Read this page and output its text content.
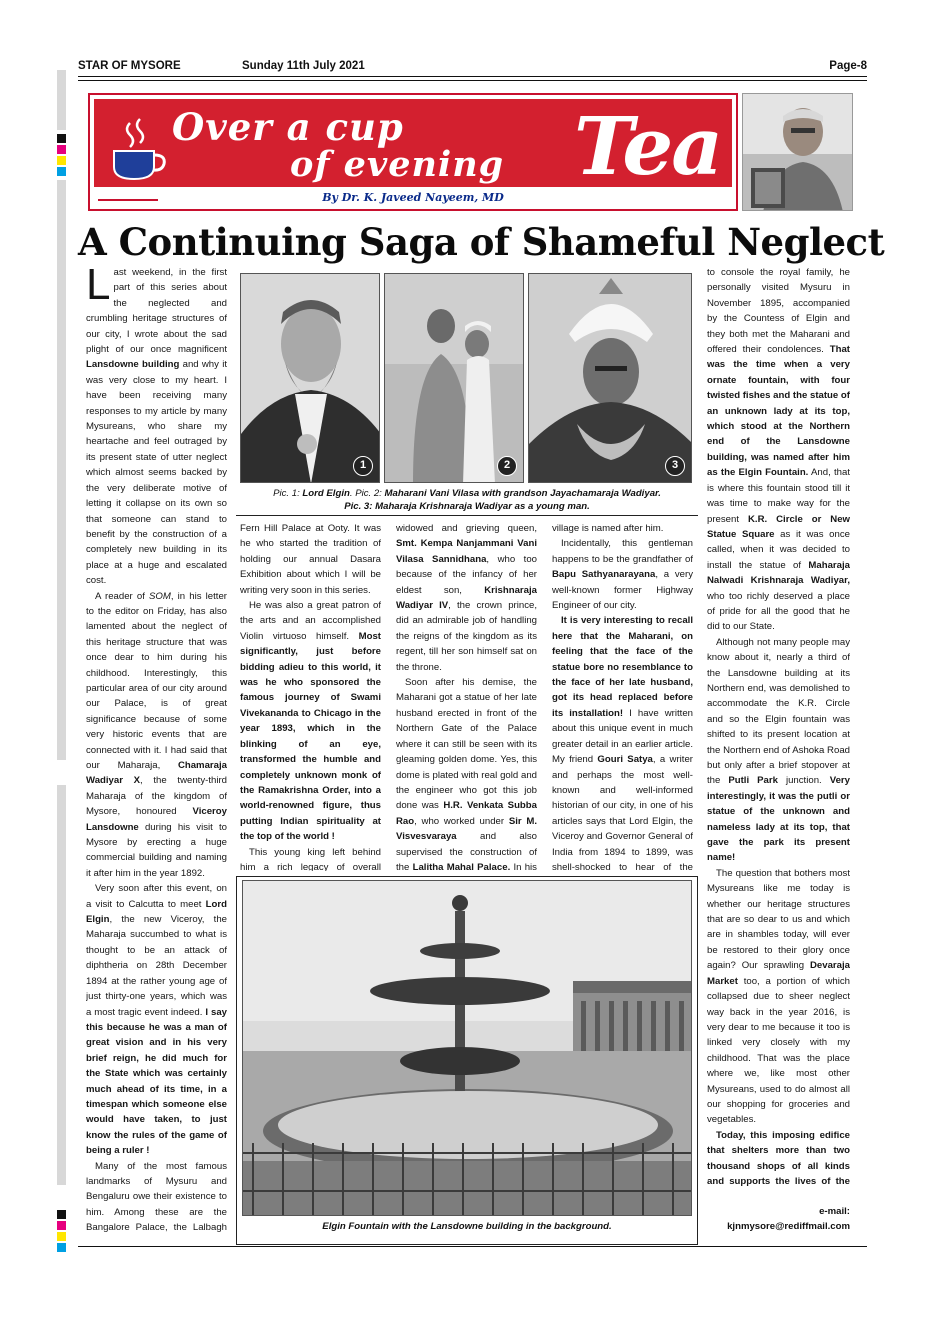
STAR OF MYSORE	Sunday 11th July 2021	Page-8
Over a cup
of evening Tea
By Dr. K. Javeed Nayeem, MD
A Continuing Saga of Shameful Neglect

Last weekend, in the first part of this series about the neglected and crumbling heritage structures of our city, I wrote about the sad plight of our once magnificent Lansdowne building and why it was very close to my heart. I have been receiving many responses to my article by many Mysureans, who share my heartache and feel outraged by its present state of utter neglect which almost seems backed by the very deliberate motive of letting it collapse on its own so that someone can stand to benefit by the construction of a completely new building in its place at a huge and escalated cost.

A reader of SOM, in his letter to the editor on Friday, has also lamented about the neglect of this heritage structure that was once dear to him during his childhood. Interestingly, this particular area of our city around our Palace, is of great significance because of some very historic events that are connected with it. I had said that our Maharaja, Chamaraja Wadiyar X, the twenty-third Maharaja of the kingdom of Mysore, honoured Viceroy Lansdowne during his visit to Mysore by erecting a huge commercial building and naming it after him in the year 1892.

Very soon after this event, on a visit to Calcutta to meet Lord Elgin, the new Viceroy, the Maharaja succumbed to what is thought to be an attack of diphtheria on 28th December 1894 at the rather young age of just thirty-one years, which was a most tragic event indeed. I say this because he was a man of great vision and in his very brief reign, he did much for the State which was certainly much ahead of its time, in a timespan which someone else would have taken, to just know the rules of the game of being a ruler !

Many of the most famous landmarks of Mysuru and Bengaluru owe their existence to him. Among these are the Bangalore Palace, the Lalbagh

1	2	3
Pic. 1: Lord Elgin. Pic. 2: Maharani Vani Vilasa with grandson Jayachamaraja Wadiyar.
Pic. 3: Maharaja Krishnaraja Wadiyar as a young man.

Fern Hill Palace at Ooty. It was he who started the tradition of holding our annual Dasara Exhibition about which I will be writing very soon in this series.

He was also a great patron of the arts and an accomplished Violin virtuoso himself. Most significantly, just before bidding adieu to this world, it was he who sponsored the famous journey of Swami Vivekananda to Chicago in the year 1893, which in the blinking of an eye, transformed the humble and completely unknown monk of the Ramakrishna Order, into a world-renowned figure, thus putting Indian spirituality at the top of the world !

This young king left behind him a rich legacy of overall

widowed and grieving queen, Smt. Kempa Nanjammani Vani Vilasa Sannidhana, who too because of the infancy of her eldest son, Krishnaraja Wadiyar IV, the crown prince, did an admirable job of handling the reigns of the kingdom as its regent, till her son himself sat on the throne.

Soon after his demise, the Maharani got a statue of her late husband erected in front of the Northern Gate of the Palace where it can still be seen with its gleaming golden dome. Yes, this dome is plated with real gold and the engineer who got this job done was H.R. Venkata Subba Rao, who worked under Sir M. Visvesvaraya and also supervised the construction of the Lalitha Mahal Palace. In his

village is named after him.

Incidentally, this gentleman happens to be the grandfather of Bapu Sathyanarayana, a very well-known former Highway Engineer of our city.

It is very interesting to recall here that the Maharani, on feeling that the face of the statue bore no resemblance to the face of her late husband, got its head replaced before its installation! I have written about this unique event in much greater detail in an earlier article. My friend Gouri Satya, a writer and perhaps the most well-known and well-informed historian of our city, in one of his articles says that Lord Elgin, the Viceroy and Governor General of India from 1894 to 1899, was shell-shocked to hear of the

Elgin Fountain with the Lansdowne building in the background.

to console the royal family, he personally visited Mysuru in November 1895, accompanied by the Countess of Elgin and they both met the Maharani and offered their condolences. That was the time when a very ornate fountain, with four twisted fishes and the statue of an unknown lady at its top, which stood at the Northern end of the Lansdowne building, was named after him as the Elgin Fountain. And, that is where this fountain stood till it was time to make way for the present K.R. Circle or New Statue Square as it was once called, when it was decided to install the statue of Maharaja Nalwadi Krishnaraja Wadiyar, who too richly deserved a place of pride for all the good that he did to our State.

Although not many people may know about it, nearly a third of the Lansdowne building at its Northern end, was demolished to accommodate the K.R. Circle and so the Elgin fountain was shifted to its present location at the Northern end of Ashoka Road but only after a brief stopover at the Putli Park junction. Very interestingly, it was the putli or statue of the unknown and nameless lady at its top, that gave the park its present name!

The question that bothers most Mysureans like me today is whether our heritage structures that are so dear to us and which are in shambles today, will ever be restored to their glory once again? Our sprawling Devaraja Market too, a portion of which collapsed due to sheer neglect way back in the year 2016, is very dear to me because it too is linked very closely with my childhood. That was the place where we, like most other Mysureans, used to do almost all our shopping for groceries and vegetables.

Today, this imposing edifice that shelters more than two thousand shops of all kinds and supports the lives of the

e-mail:
kjnmysore@rediffmail.com
